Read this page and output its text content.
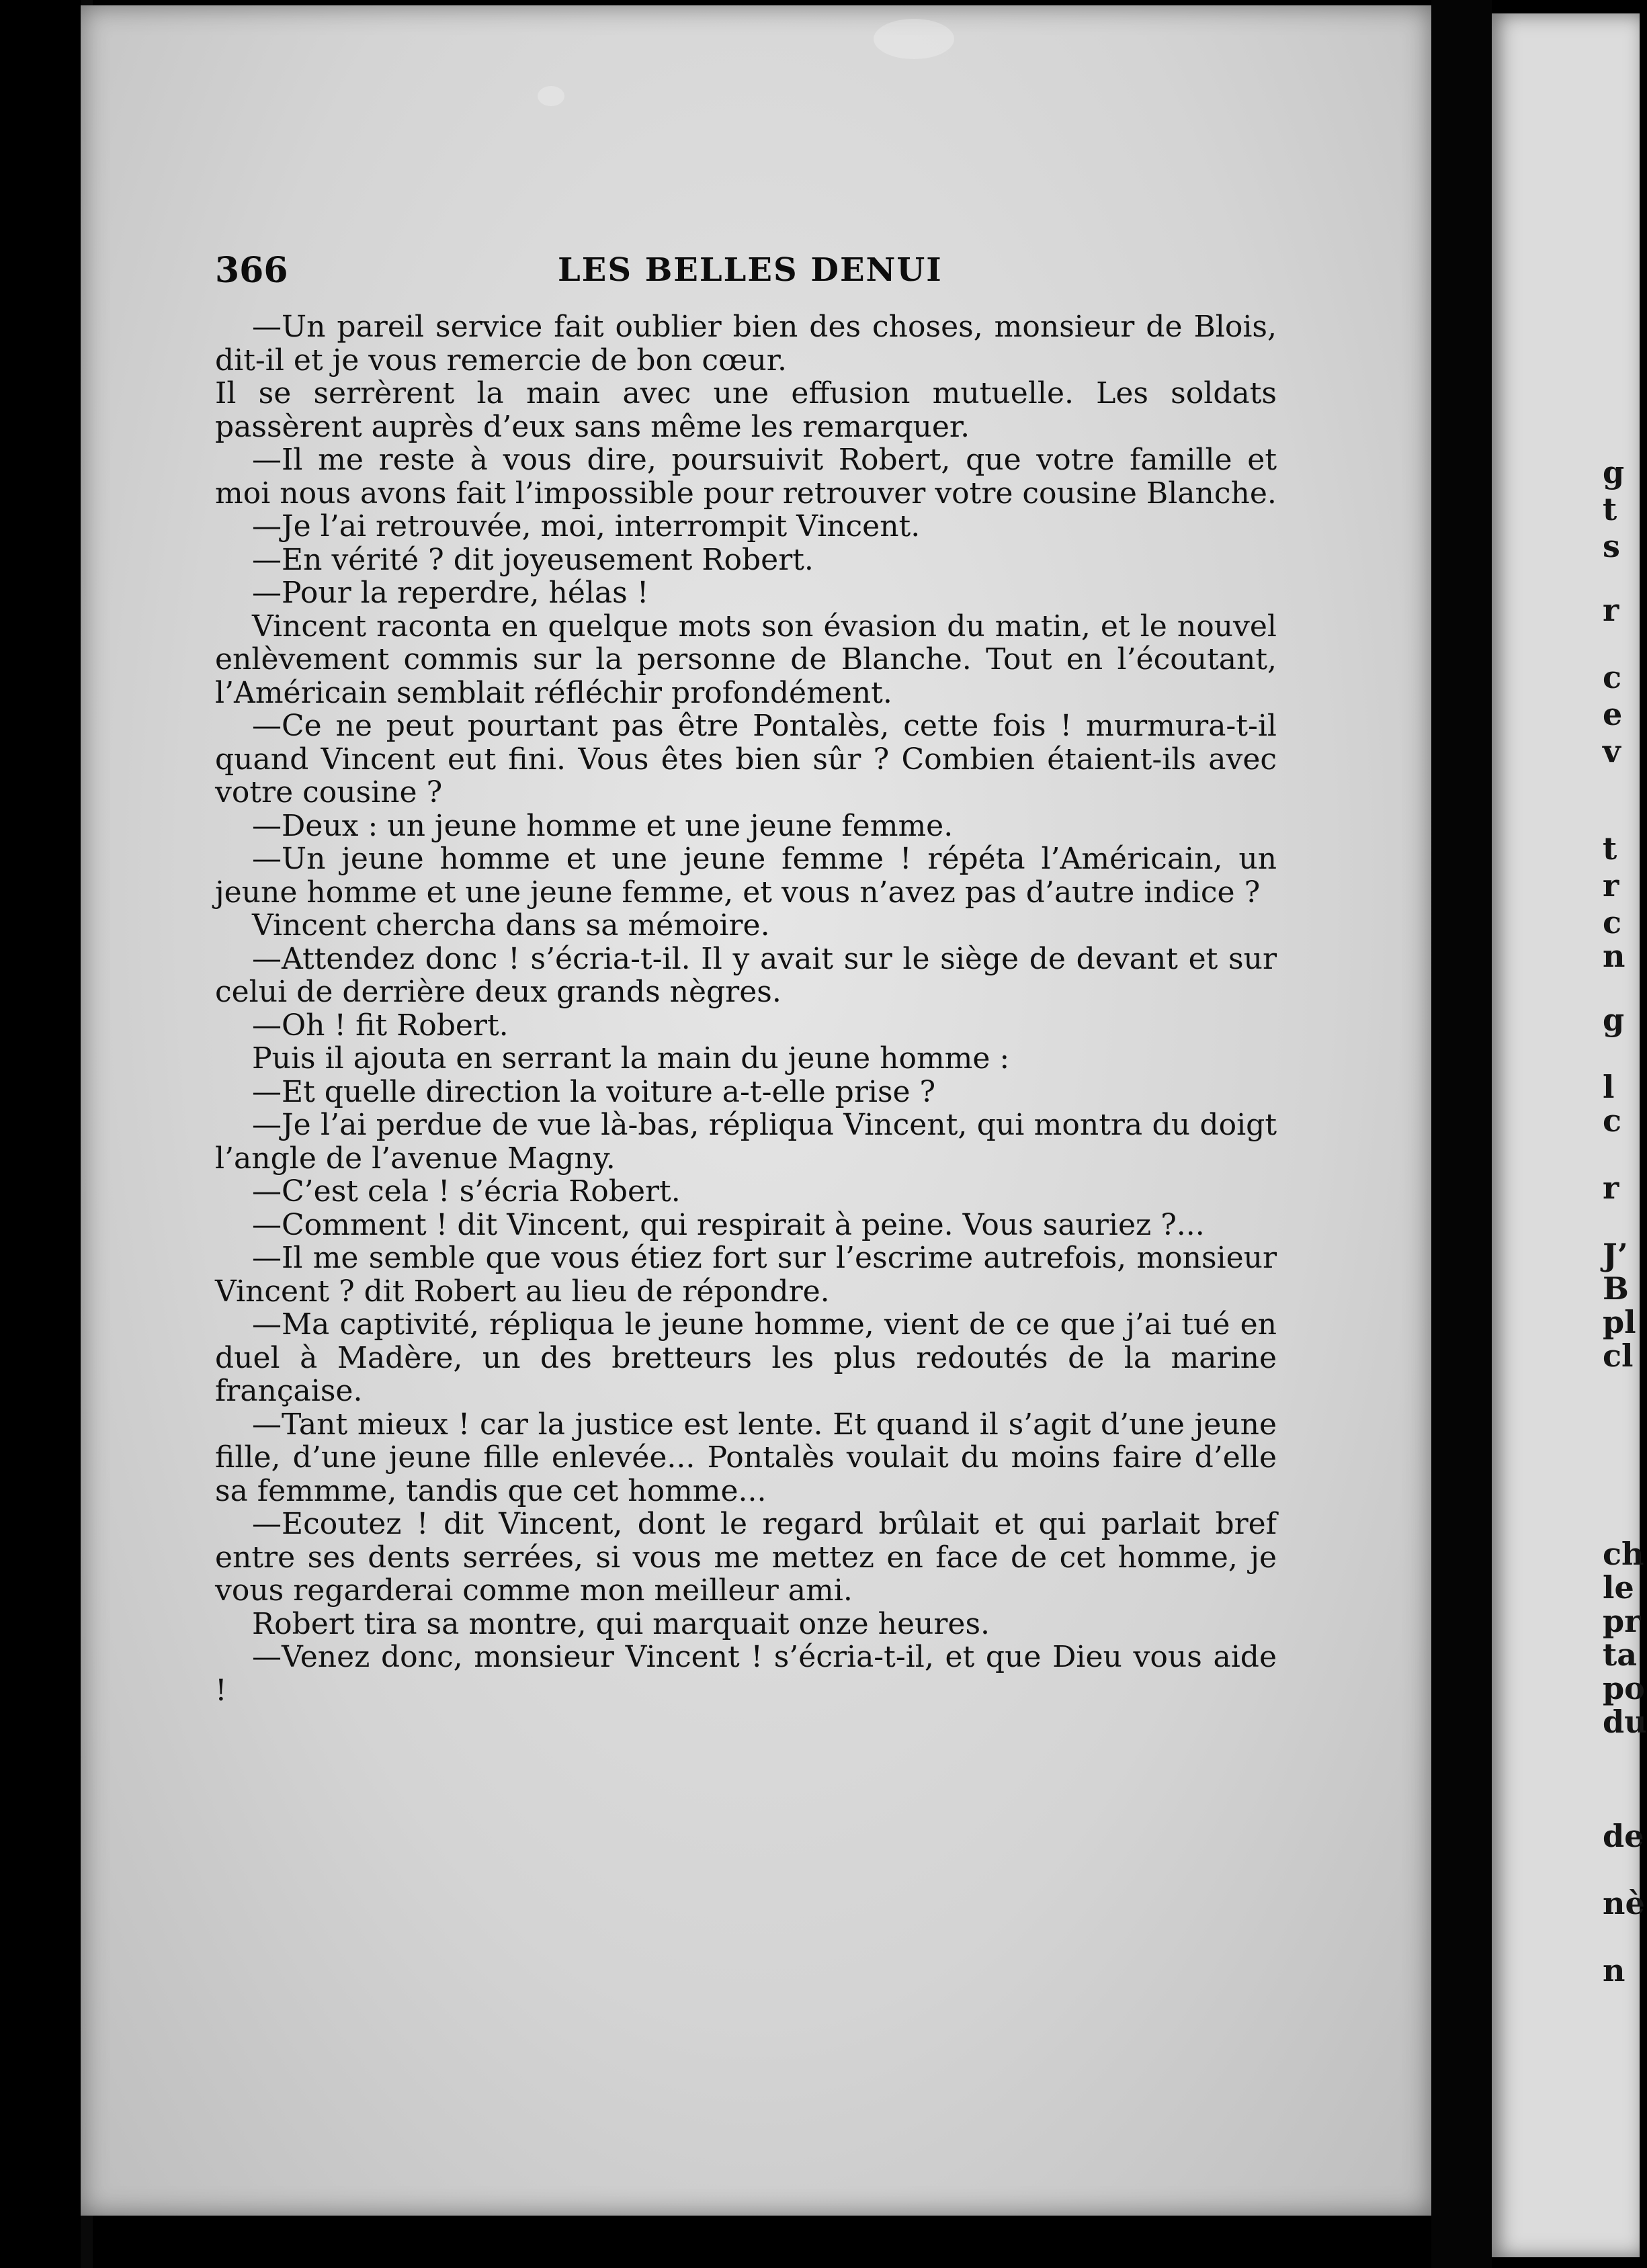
366	LES BELLES DENUI

—Un pareil service fait oublier bien des choses, monsieur de Blois, dit-il et je vous remercie de bon cœur.

Il se serrèrent la main avec une effusion mutuelle. Les soldats passèrent auprès d’eux sans même les remarquer.

—Il me reste à vous dire, poursuivit Robert, que votre famille et moi nous avons fait l’impossible pour retrouver votre cousine Blanche.

—Je l’ai retrouvée, moi, interrompit Vincent.

—En vérité ? dit joyeusement Robert.

—Pour la reperdre, hélas !

Vincent raconta en quelque mots son évasion du matin, et le nouvel enlèvement commis sur la personne de Blanche. Tout en l’écoutant, l’Américain semblait réfléchir profondément.

—Ce ne peut pourtant pas être Pontalès, cette fois ! murmura-t-il quand Vincent eut fini. Vous êtes bien sûr ? Combien étaient-ils avec votre cousine ?

—Deux : un jeune homme et une jeune femme.

—Un jeune homme et une jeune femme ! répéta l’Américain, un jeune homme et une jeune femme, et vous n’avez pas d’autre indice ?

Vincent chercha dans sa mémoire.

—Attendez donc ! s’écria-t-il. Il y avait sur le siège de devant et sur celui de derrière deux grands nègres.

—Oh ! fit Robert.

Puis il ajouta en serrant la main du jeune homme :

—Et quelle direction la voiture a-t-elle prise ?

—Je l’ai perdue de vue là-bas, répliqua Vincent, qui montra du doigt l’angle de l’avenue Magny.

—C’est cela ! s’écria Robert.

—Comment ! dit Vincent, qui respirait à peine. Vous sauriez ?...

—Il me semble que vous étiez fort sur l’escrime autrefois, monsieur Vincent ? dit Robert au lieu de répondre.

—Ma captivité, répliqua le jeune homme, vient de ce que j’ai tué en duel à Madère, un des bretteurs les plus redoutés de la marine française.

—Tant mieux ! car la justice est lente. Et quand il s’agit d’une jeune fille, d’une jeune fille enlevée... Pontalès voulait du moins faire d’elle sa femmme, tandis que cet homme...

—Ecoutez ! dit Vincent, dont le regard brûlait et qui parlait bref entre ses dents serrées, si vous me mettez en face de cet homme, je vous regarderai comme mon meilleur ami.

Robert tira sa montre, qui marquait onze heures.

—Venez donc, monsieur Vincent ! s’écria-t-il, et que Dieu vous aide !

g
t
s
r
c
e
v
t
r
c
n
g
l
c
r
J’
B
pl
cl
ch
le
pr
ta
po
du
de
nè
n
